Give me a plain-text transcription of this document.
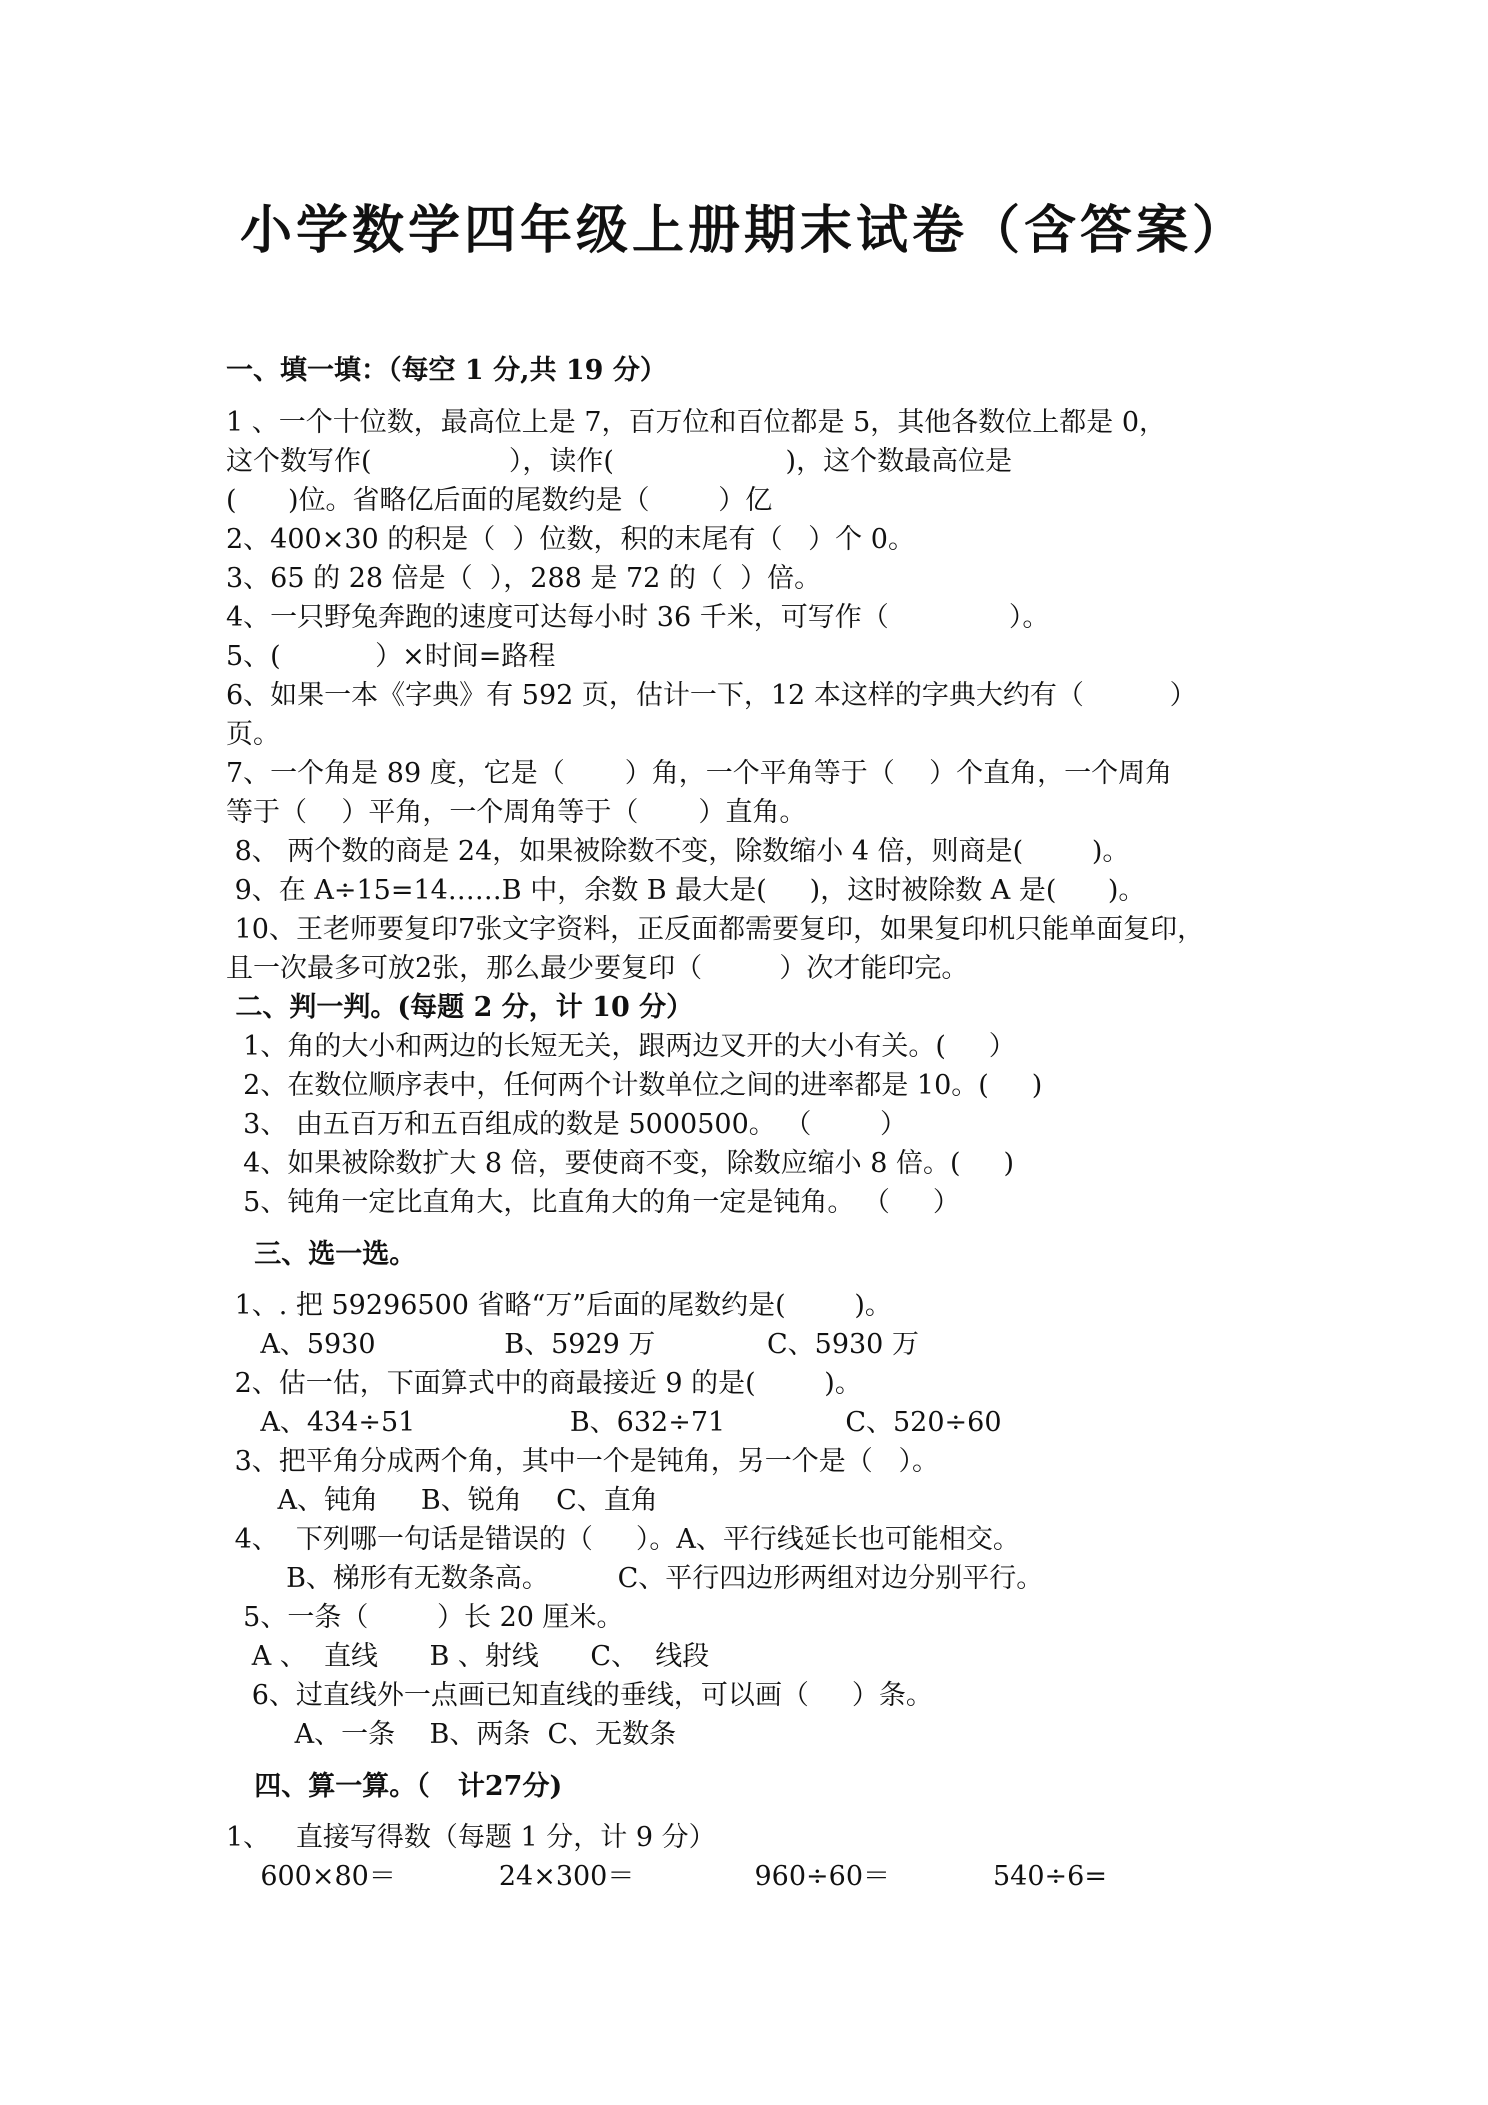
小学数学四年级上册期末试卷（含答案）
一、填一填：（每空 1 分,共 19 分）
1 、一个十位数，最高位上是 7，百万位和百位都是 5，其他各数位上都是 0，
这个数写作(                ），读作(                    )，这个数最高位是
(      )位。省略亿后面的尾数约是（        ）亿
2、400×30 的积是（  ）位数，积的末尾有（   ）个 0。
3、65 的 28 倍是（  ），288 是 72 的（  ）倍。
4、一只野兔奔跑的速度可达每小时 36 千米，可写作（              ）。
5、(           ）×时间=路程
6、如果一本《字典》有 592 页，估计一下，12 本这样的字典大约有（          ）
页。
7、一个角是 89 度，它是（       ）角，一个平角等于（    ）个直角，一个周角
等于（    ）平角，一个周角等于（       ）直角。
8、 两个数的商是 24，如果被除数不变，除数缩小 4 倍，则商是(        )。
9、在 A÷15=14……B 中，余数 B 最大是(     )，这时被除数 A 是(      )。
10、王老师要复印7张文字资料，正反面都需要复印，如果复印机只能单面复印，
且一次最多可放2张，那么最少要复印（         ）次才能印完。
二、判一判。(每题 2 分，计 10 分）
1、角的大小和两边的长短无关，跟两边叉开的大小有关。(     ）
2、在数位顺序表中，任何两个计数单位之间的进率都是 10。(     )
3、 由五百万和五百组成的数是 5000500。 （        ）
4、如果被除数扩大 8 倍，要使商不变，除数应缩小 8 倍。(     )
5、钝角一定比直角大，比直角大的角一定是钝角。 （     ）
三、选一选。
1、. 把 59296500 省略“万”后面的尾数约是(        )。
A、5930               B、5929 万             C、5930 万
2、估一估，下面算式中的商最接近 9 的是(        )。
A、434÷51                  B、632÷71              C、520÷60
3、把平角分成两个角，其中一个是钝角，另一个是（   ）。
A、钝角     B、锐角    C、直角
4、  下列哪一句话是错误的（     ）。A、平行线延长也可能相交。
B、梯形有无数条高。        C、平行四边形两组对边分别平行。
5、一条（        ）长 20 厘米。
A 、  直线      B 、射线      C、  线段
6、过直线外一点画已知直线的垂线，可以画（     ）条。
A、一条    B、两条  C、无数条
四、算一算。（   计27分)
1、   直接写得数（每题 1 分，计 9 分）
600×80＝            24×300＝              960÷60＝            540÷6=
